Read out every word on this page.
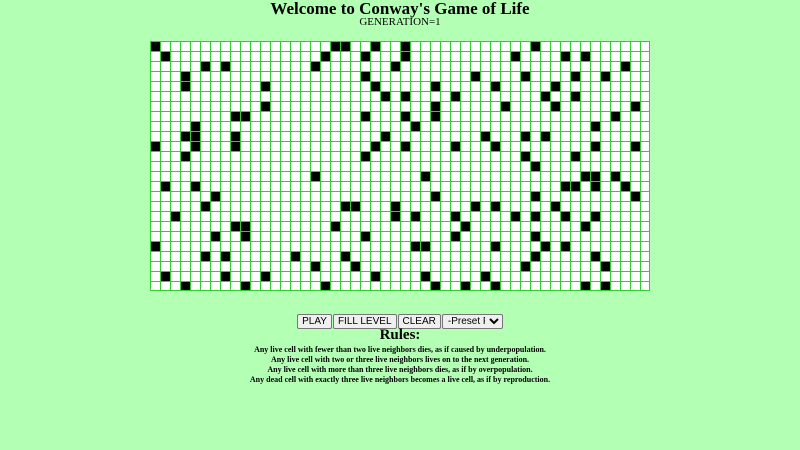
Welcome to Conway's Game of Life
GENERATION=1
PLAY	FILL LEVEL	CLEAR
-Preset Fill-
Rules:
Any live cell with fewer than two live neighbors dies, as if caused by underpopulation.
Any live cell with two or three live neighbors lives on to the next generation.
Any live cell with more than three live neighbors dies, as if by overpopulation.
Any dead cell with exactly three live neighbors becomes a live cell, as if by reproduction.
